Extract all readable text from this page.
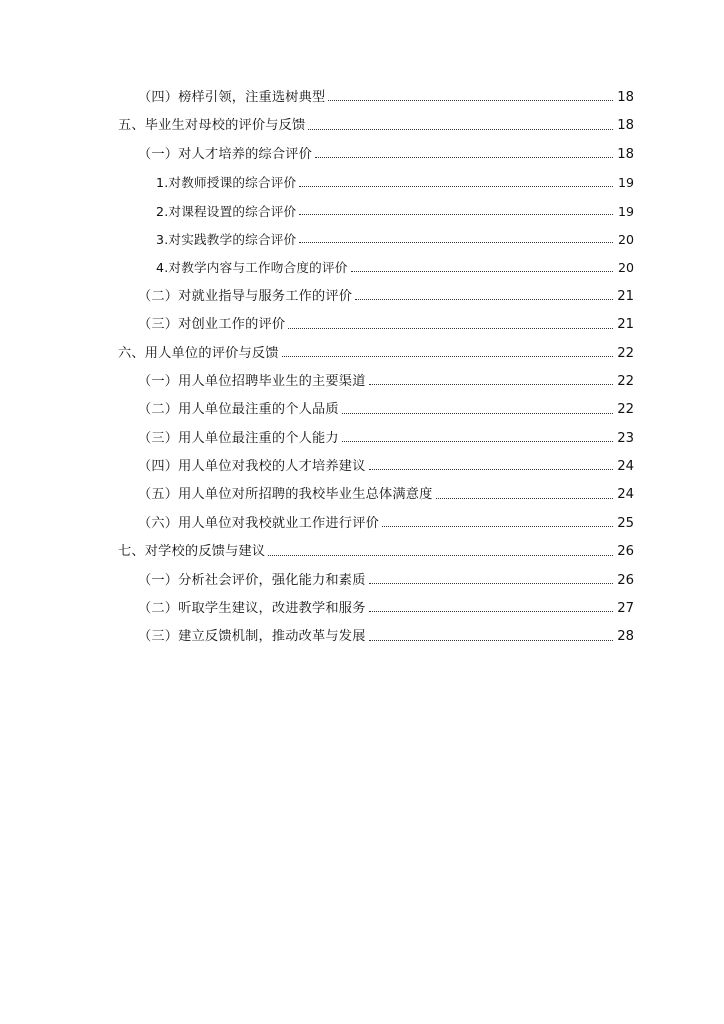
（四）榜样引领，注重选树典型	18
五、毕业生对母校的评价与反馈	18
（一）对人才培养的综合评价	18
1.对教师授课的综合评价	19
2.对课程设置的综合评价	19
3.对实践教学的综合评价	20
4.对教学内容与工作吻合度的评价	20
（二）对就业指导与服务工作的评价	21
（三）对创业工作的评价	21
六、用人单位的评价与反馈	22
（一）用人单位招聘毕业生的主要渠道	22
（二）用人单位最注重的个人品质	22
（三）用人单位最注重的个人能力	23
（四）用人单位对我校的人才培养建议	24
（五）用人单位对所招聘的我校毕业生总体满意度	24
（六）用人单位对我校就业工作进行评价	25
七、对学校的反馈与建议	26
（一）分析社会评价，强化能力和素质	26
（二）听取学生建议，改进教学和服务	27
（三）建立反馈机制，推动改革与发展	28
